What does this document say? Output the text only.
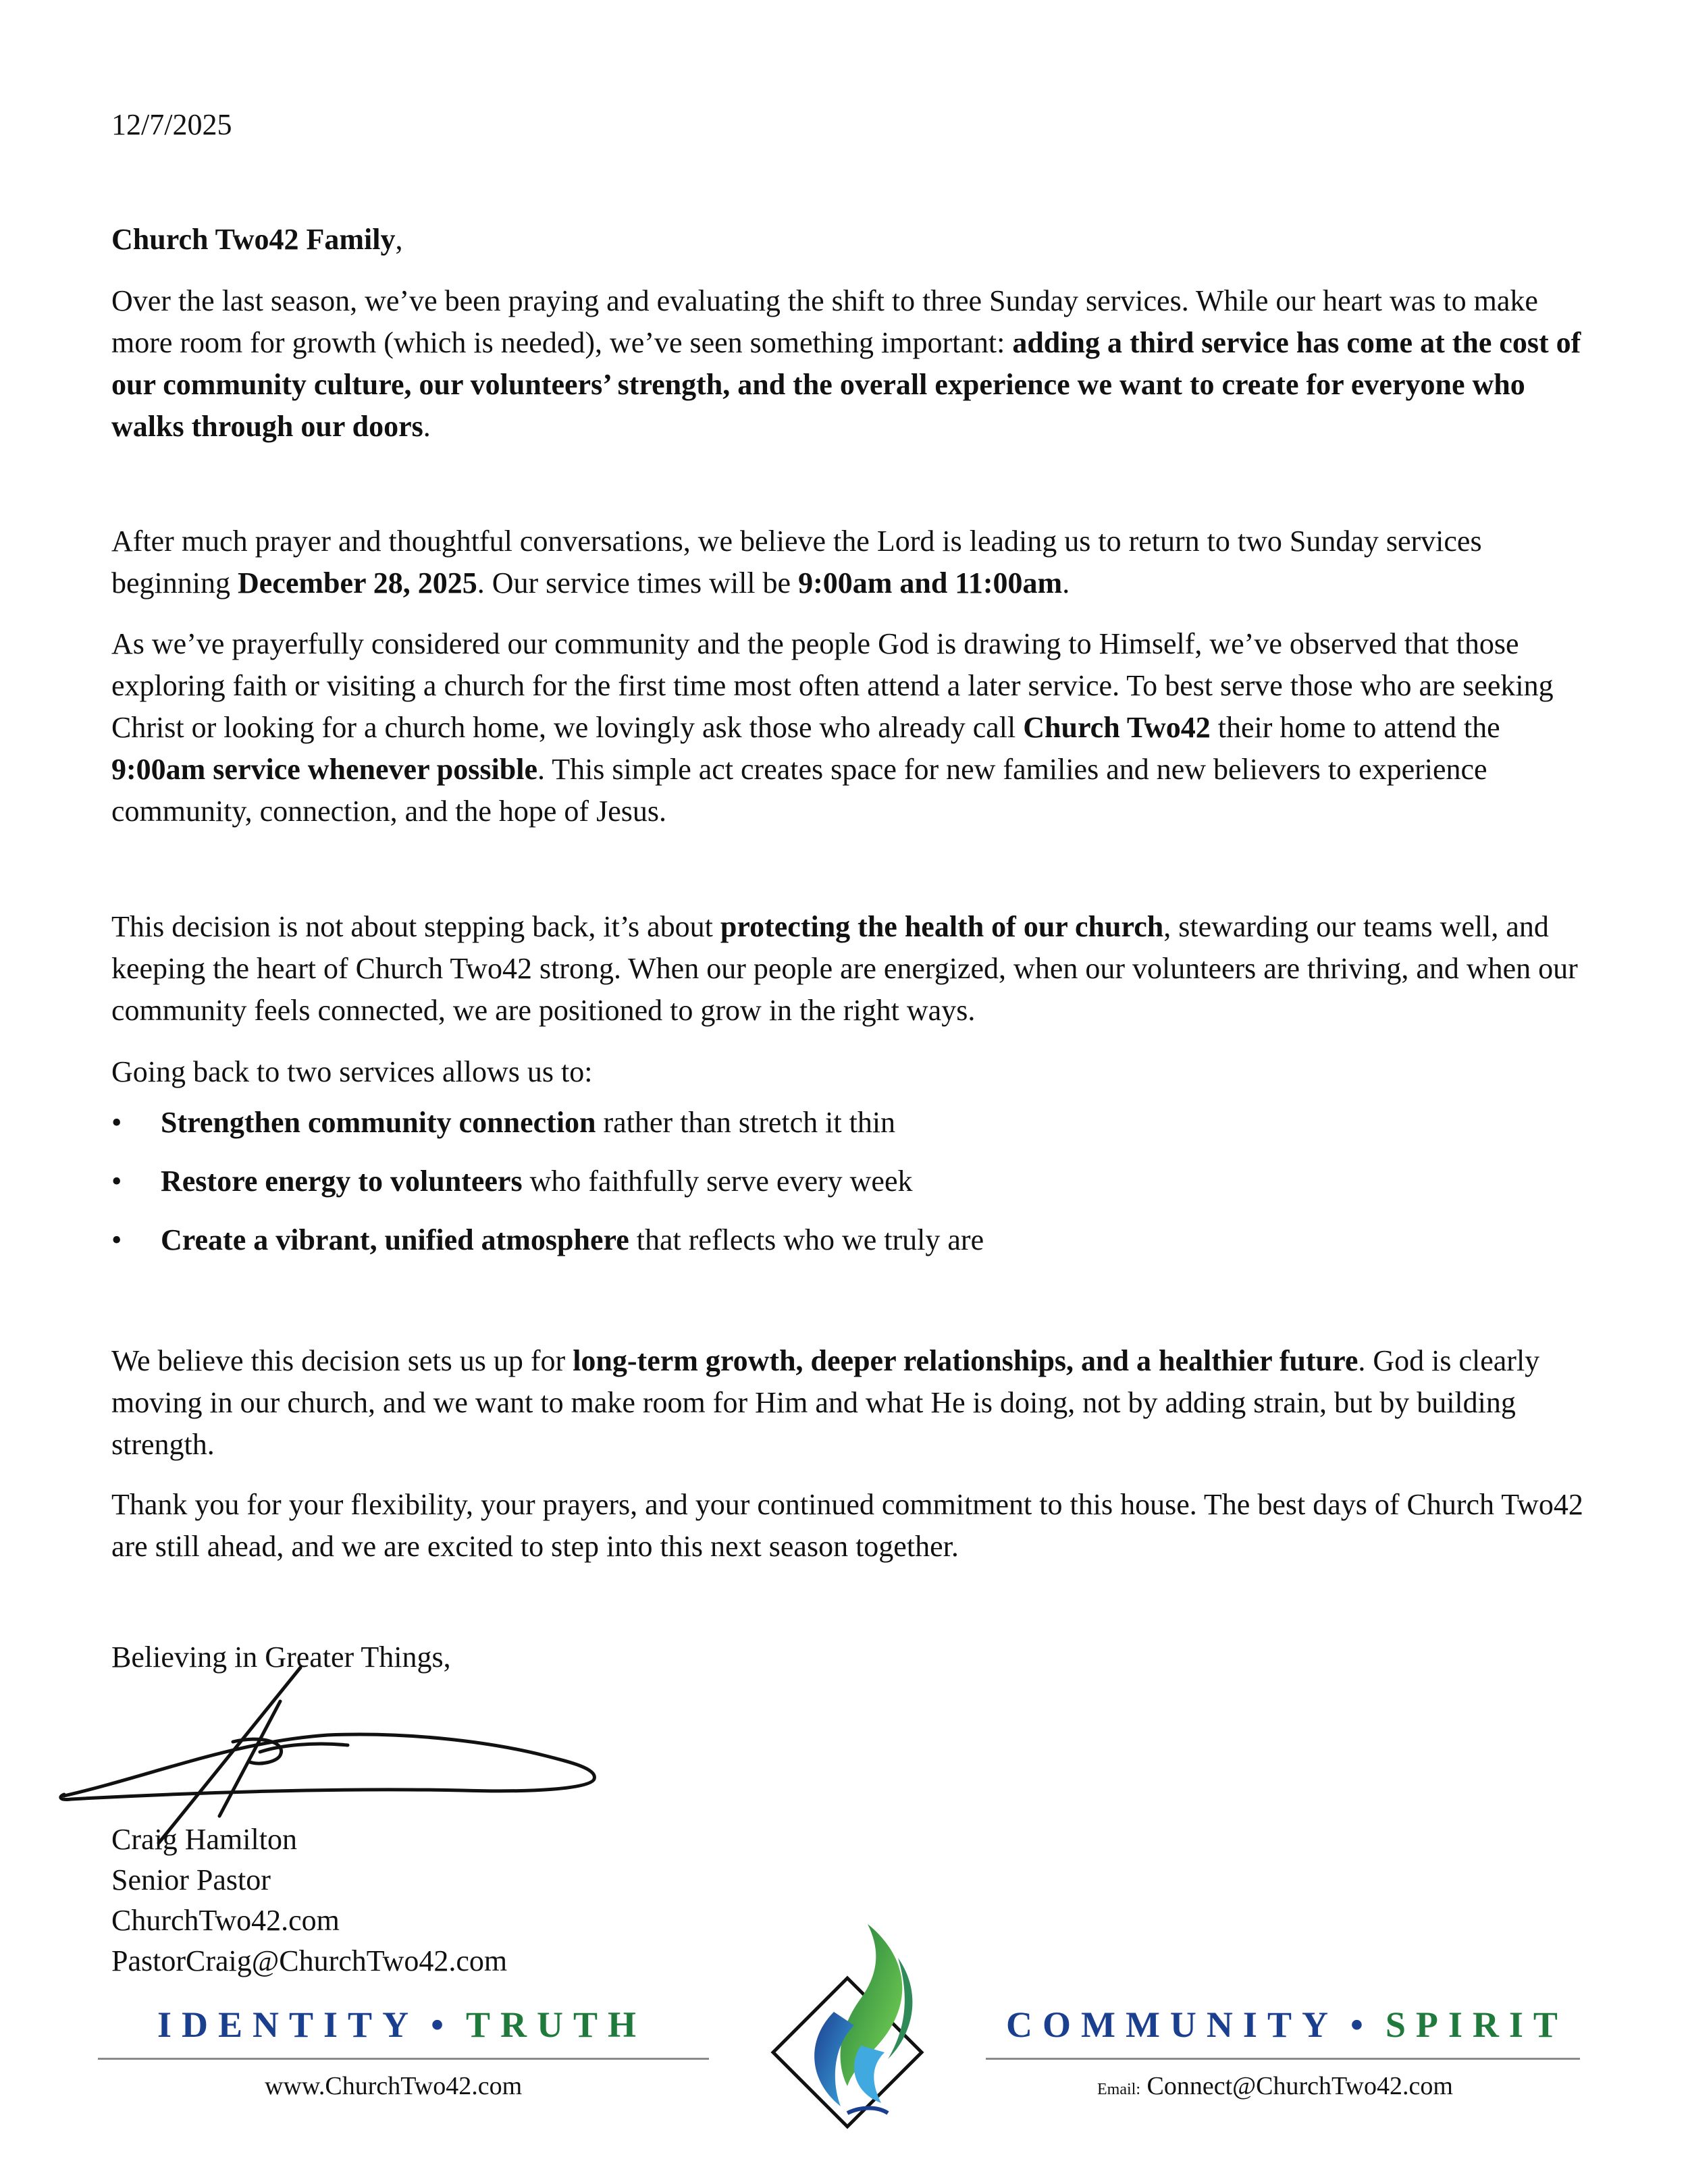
12/7/2025
Church Two42 Family,

Over the last season, we’ve been praying and evaluating the shift to three Sunday services. While our heart was to make more room for growth (which is needed), we’ve seen something important: adding a third service has come at the cost of our community culture, our volunteers’ strength, and the overall experience we want to create for everyone who walks through our doors.

After much prayer and thoughtful conversations, we believe the Lord is leading us to return to two Sunday services beginning December 28, 2025. Our service times will be 9:00am and 11:00am.

As we’ve prayerfully considered our community and the people God is drawing to Himself, we’ve observed that those exploring faith or visiting a church for the first time most often attend a later service. To best serve those who are seeking Christ or looking for a church home, we lovingly ask those who already call Church Two42 their home to attend the 9:00am service whenever possible. This simple act creates space for new families and new believers to experience community, connection, and the hope of Jesus.

This decision is not about stepping back, it’s about protecting the health of our church, stewarding our teams well, and keeping the heart of Church Two42 strong. When our people are energized, when our volunteers are thriving, and when our community feels connected, we are positioned to grow in the right ways.

Going back to two services allows us to:

• Strengthen community connection rather than stretch it thin
• Restore energy to volunteers who faithfully serve every week
• Create a vibrant, unified atmosphere that reflects who we truly are

We believe this decision sets us up for long-term growth, deeper relationships, and a healthier future. God is clearly moving in our church, and we want to make room for Him and what He is doing, not by adding strain, but by building strength.

Thank you for your flexibility, your prayers, and your continued commitment to this house. The best days of Church Two42 are still ahead, and we are excited to step into this next season together.

Believing in Greater Things,
Craig Hamilton
Senior Pastor
ChurchTwo42.com
PastorCraig@ChurchTwo42.com
IDENTITY • TRUTH
www.ChurchTwo42.com
COMMUNITY • SPIRIT
Email: Connect@ChurchTwo42.com
